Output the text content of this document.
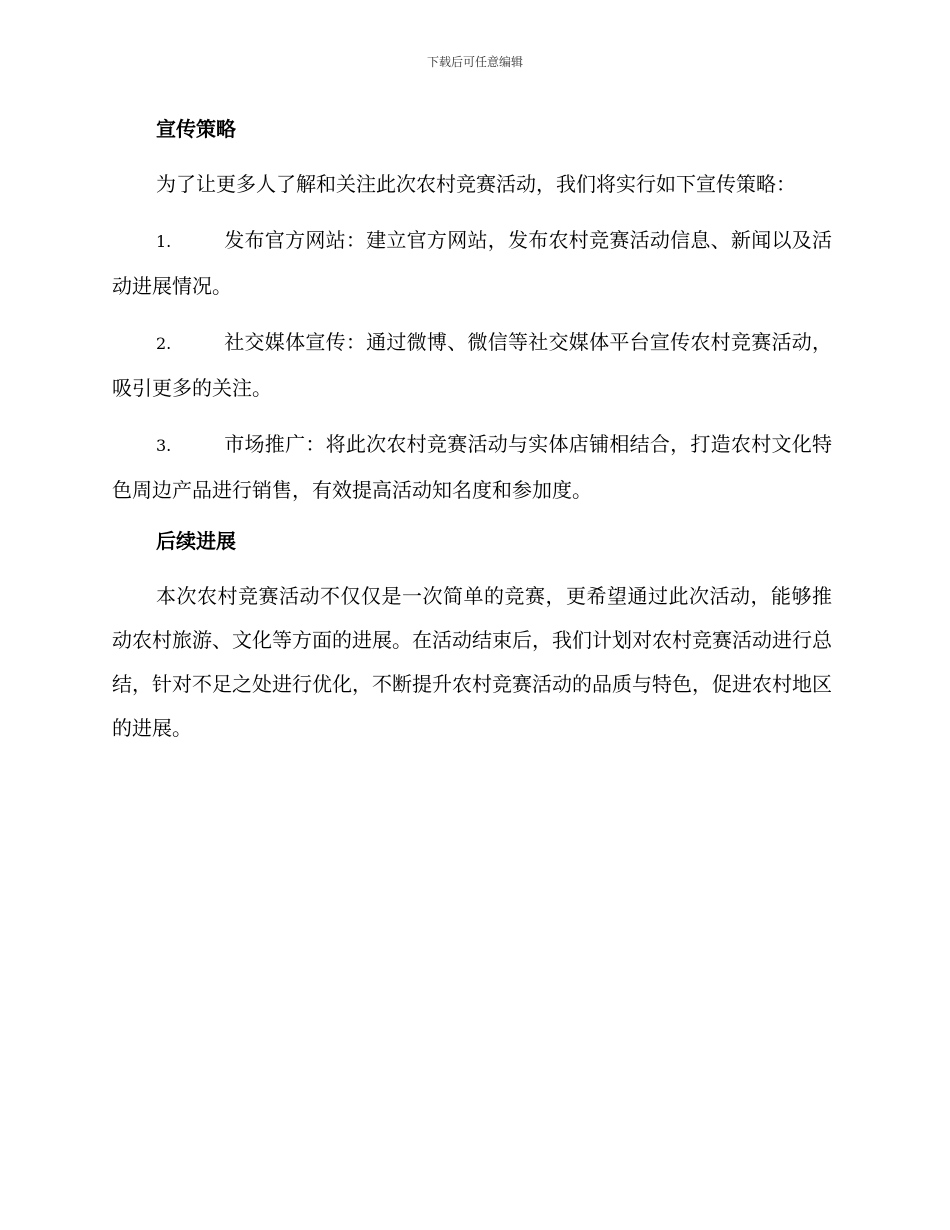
下载后可任意编辑
宣传策略

为了让更多人了解和关注此次农村竞赛活动，我们将实行如下宣传策略：

1.	发布官方网站：建立官方网站，发布农村竞赛活动信息、新闻以及活动进展情况。

2.	社交媒体宣传：通过微博、微信等社交媒体平台宣传农村竞赛活动，吸引更多的关注。

3.	市场推广：将此次农村竞赛活动与实体店铺相结合，打造农村文化特色周边产品进行销售，有效提高活动知名度和参加度。

后续进展

本次农村竞赛活动不仅仅是一次简单的竞赛，更希望通过此次活动，能够推动农村旅游、文化等方面的进展。在活动结束后，我们计划对农村竞赛活动进行总结，针对不足之处进行优化，不断提升农村竞赛活动的品质与特色，促进农村地区的进展。
